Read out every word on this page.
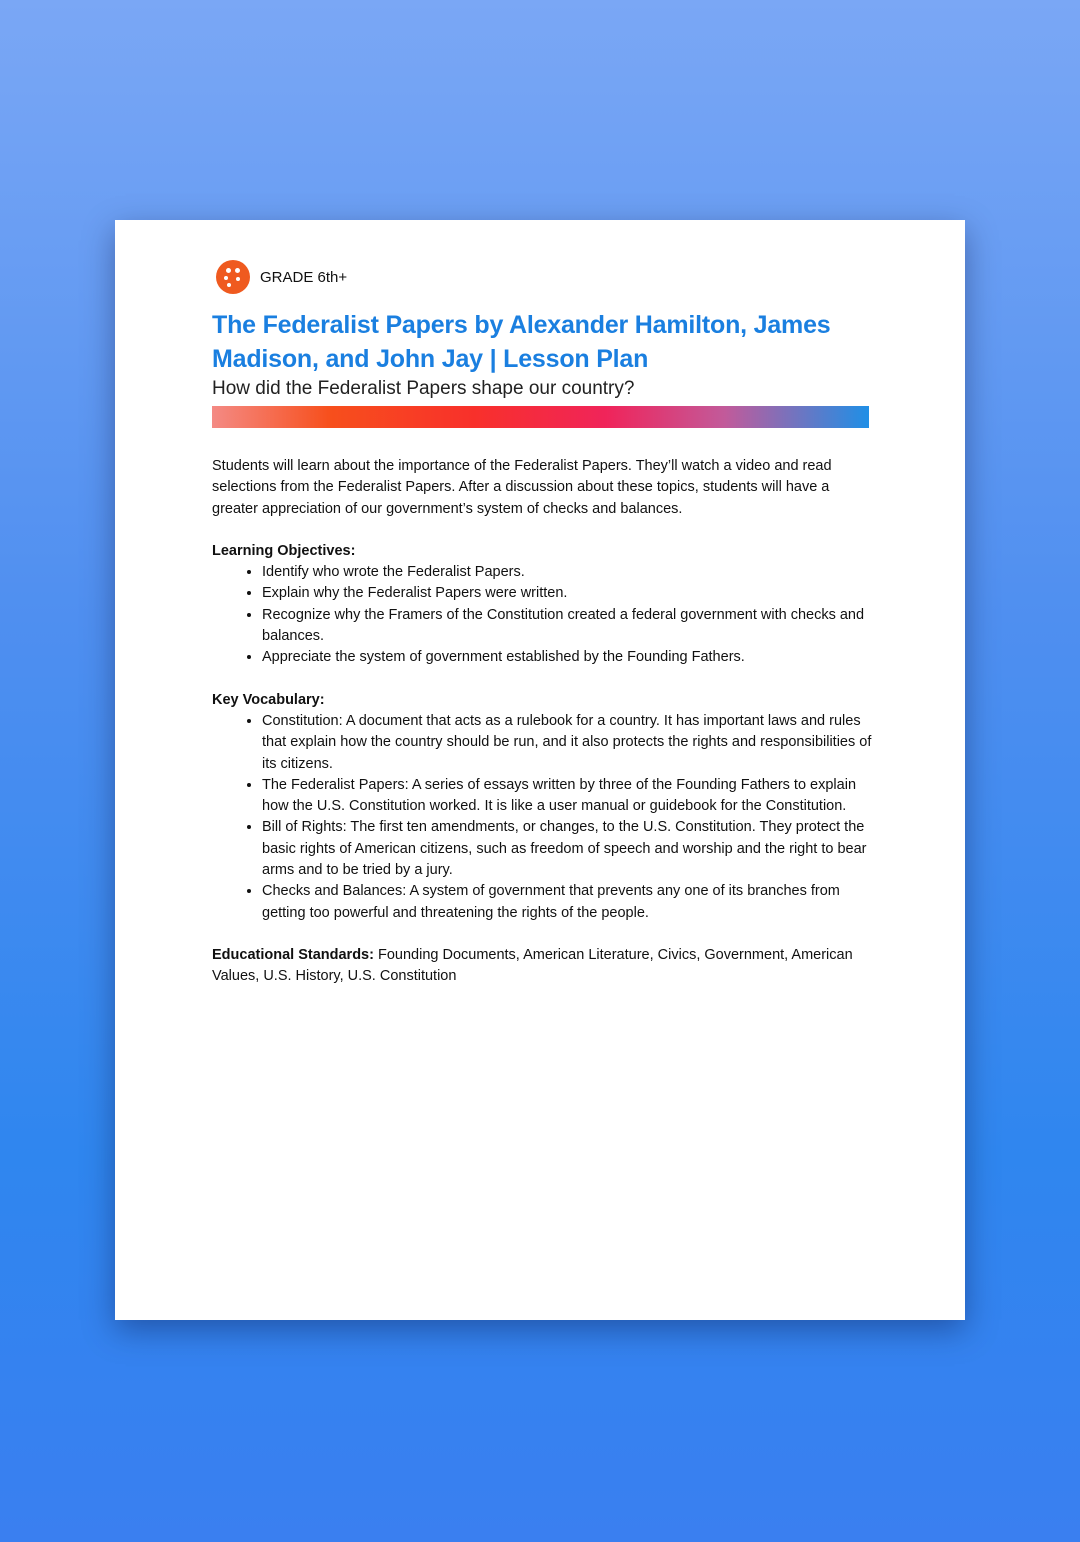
GRADE 6th+
The Federalist Papers by Alexander Hamilton, James Madison, and John Jay | Lesson Plan
How did the Federalist Papers shape our country?

Students will learn about the importance of the Federalist Papers. They’ll watch a video and read selections from the Federalist Papers. After a discussion about these topics, students will have a greater appreciation of our government’s system of checks and balances.

Learning Objectives:
• Identify who wrote the Federalist Papers.
• Explain why the Federalist Papers were written.
• Recognize why the Framers of the Constitution created a federal government with checks and balances.
• Appreciate the system of government established by the Founding Fathers.
Key Vocabulary:
• Constitution: A document that acts as a rulebook for a country. It has important laws and rules that explain how the country should be run, and it also protects the rights and responsibilities of its citizens.
• The Federalist Papers: A series of essays written by three of the Founding Fathers to explain how the U.S. Constitution worked. It is like a user manual or guidebook for the Constitution.
• Bill of Rights: The first ten amendments, or changes, to the U.S. Constitution. They protect the basic rights of American citizens, such as freedom of speech and worship and the right to bear arms and to be tried by a jury.
• Checks and Balances: A system of government that prevents any one of its branches from getting too powerful and threatening the rights of the people.

Educational Standards: Founding Documents, American Literature, Civics, Government, American Values, U.S. History, U.S. Constitution
